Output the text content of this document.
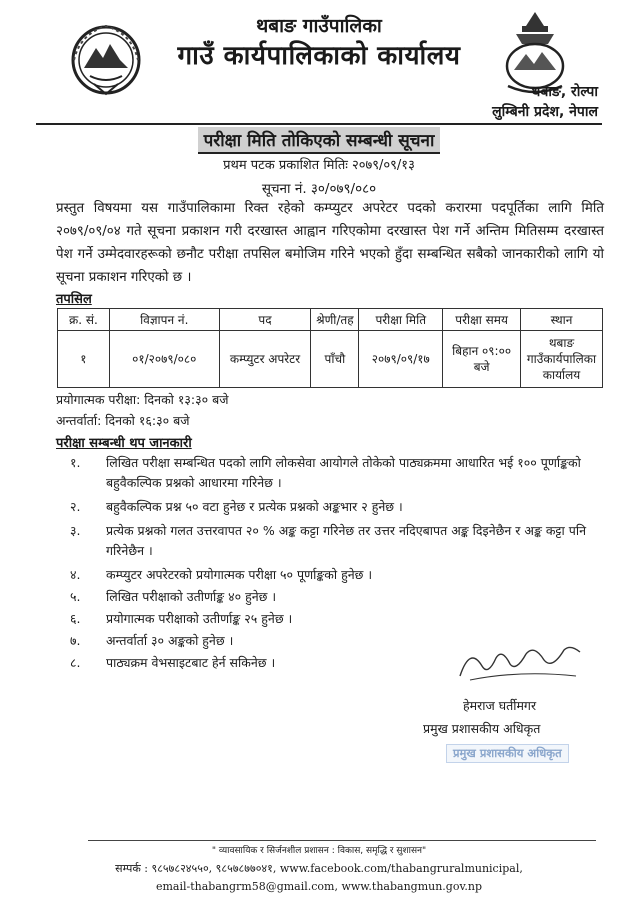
थबाङ गाउँपालिका
गाउँ कार्यपालिकाको कार्यालय
थबाङ, रोल्पा
लुम्बिनी प्रदेश, नेपाल
परीक्षा मिति तोकिएको सम्बन्धी सूचना
प्रथम पटक प्रकाशित मितिः २०७९/०९/१३
सूचना नं. ३०/०७९/०८०
प्रस्तुत विषयमा यस गाउँपालिकामा रिक्त रहेको कम्प्युटर अपरेटर पदको करारमा पदपूर्तिका लागि मिति २०७९/०९/०४ गते सूचना प्रकाशन गरी दरखास्त आह्वान गरिएकोमा दरखास्त पेश गर्ने अन्तिम मितिसम्म दरखास्त पेश गर्ने उम्मेदवारहरूको छनौट परीक्षा तपसिल बमोजिम गरिने भएको हुँदा सम्बन्धित सबैको जानकारीको लागि यो सूचना प्रकाशन गरिएको छ ।
तपसिल
क्र. सं.	विज्ञापन नं.	पद	श्रेणी/तह	परीक्षा मिति	परीक्षा समय	स्थान
१	०१/२०७९/०८०	कम्प्युटर अपरेटर	पाँचौ	२०७९/०९/१७	बिहान ०९:०० बजे	थबाङ गाउँकार्यपालिका कार्यालय
प्रयोगात्मक परीक्षा: दिनको १३:३० बजे
अन्तर्वार्ता: दिनको १६:३० बजे
परीक्षा सम्बन्धी थप जानकारी
१. लिखित परीक्षा सम्बन्धित पदको लागि लोकसेवा आयोगले तोकेको पाठ्यक्रममा आधारित भई १०० पूर्णाङ्कको बहुवैकल्पिक प्रश्नको आधारमा गरिनेछ ।
२. बहुवैकल्पिक प्रश्न ५० वटा हुनेछ र प्रत्येक प्रश्नको अङ्कभार २ हुनेछ ।
३. प्रत्येक प्रश्नको गलत उत्तरवापत २० % अङ्क कट्टा गरिनेछ तर उत्तर नदिएबापत अङ्क दिइनेछैन र अङ्क कट्टा पनि गरिनेछैन ।
४. कम्प्युटर अपरेटरको प्रयोगात्मक परीक्षा ५० पूर्णाङ्कको हुनेछ ।
५. लिखित परीक्षाको उतीर्णाङ्क ४० हुनेछ ।
६. प्रयोगात्मक परीक्षाको उतीर्णाङ्क २५ हुनेछ ।
७. अन्तर्वार्ता ३० अङ्कको हुनेछ ।
८. पाठ्यक्रम वेभसाइटबाट हेर्न सकिनेछ ।
हेमराज घर्तीमगर
प्रमुख प्रशासकीय अधिकृत
प्रमुख प्रशासकीय अधिकृत
" व्यावसायिक र सिर्जनशील प्रशासन : विकास, समृद्धि र सुशासन"
सम्पर्क : ९८५७८२४५५०, ९८५७८७७०४१, www.facebook.com/thabangruralmunicipal,
email-thabangrm58@gmail.com, www.thabangmun.gov.np
